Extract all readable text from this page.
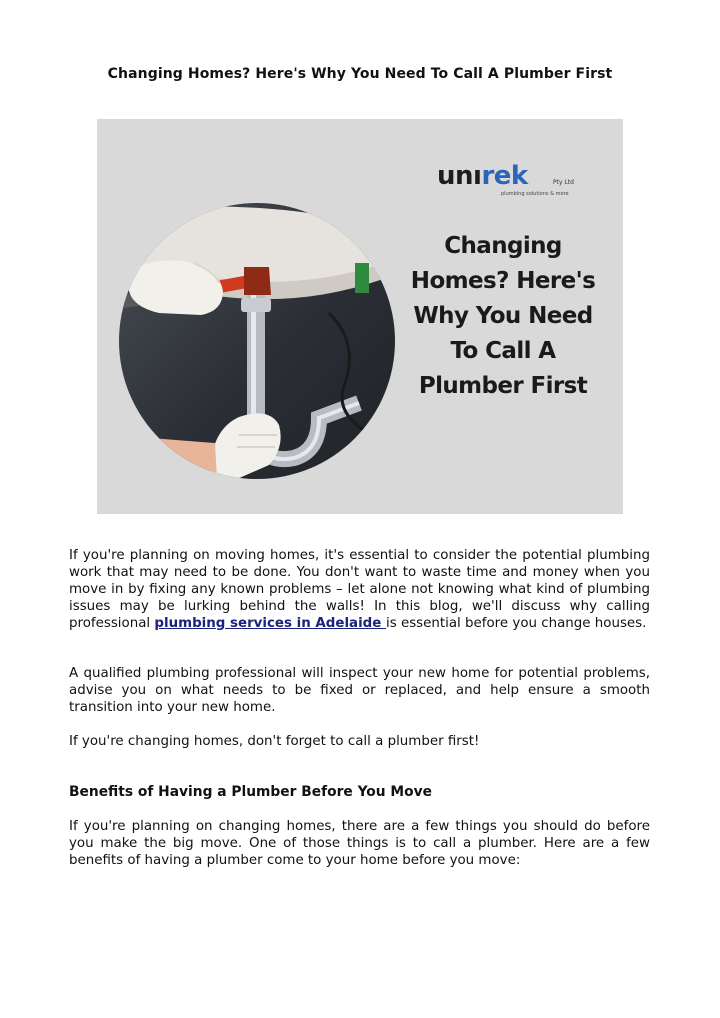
Changing Homes? Here's Why You Need To Call A Plumber First
unırek	Pty Ltd
plumbing solutions & more
Changing
Homes? Here's
Why You Need
To Call A
Plumber First

If you're planning on moving homes, it's essential to consider the potential plumbing work that may need to be done. You don't want to waste time and money when you move in by fixing any known problems – let alone not knowing what kind of plumbing issues may be lurking behind the walls! In this blog, we'll discuss why calling professional plumbing services in Adelaide is essential before you change houses.

A qualified plumbing professional will inspect your new home for potential problems, advise you on what needs to be fixed or replaced, and help ensure a smooth transition into your new home.

If you're changing homes, don't forget to call a plumber first!

Benefits of Having a Plumber Before You Move

If you're planning on changing homes, there are a few things you should do before you make the big move. One of those things is to call a plumber. Here are a few benefits of having a plumber come to your home before you move:
